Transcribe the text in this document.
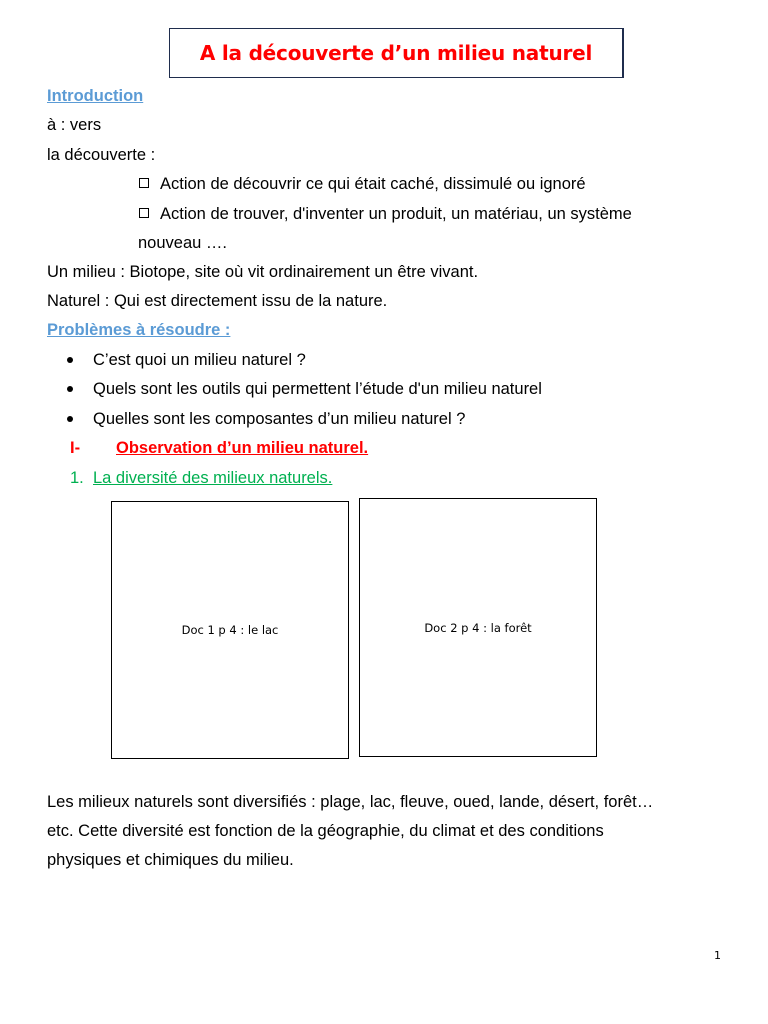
A la découverte d’un milieu naturel
Introduction
à : vers
la découverte :
Action de découvrir ce qui était caché, dissimulé ou ignoré
Action de trouver, d'inventer un produit, un matériau, un système
nouveau ….
Un milieu : Biotope, site où vit ordinairement un être vivant.
Naturel : Qui est directement issu de la nature.
Problèmes à résoudre :
C’est quoi un milieu naturel ?
Quels sont les outils qui permettent l’étude d'un milieu naturel
Quelles sont les composantes d’un milieu naturel ?
I- Observation d’un milieu naturel.
1. La diversité des milieux naturels.
Doc 1 p 4 : le lac	Doc 2 p 4 : la forêt
Les milieux naturels sont diversifiés : plage, lac, fleuve, oued, lande, désert, forêt…
etc. Cette diversité est fonction de la géographie, du climat et des conditions
physiques et chimiques du milieu.
1
